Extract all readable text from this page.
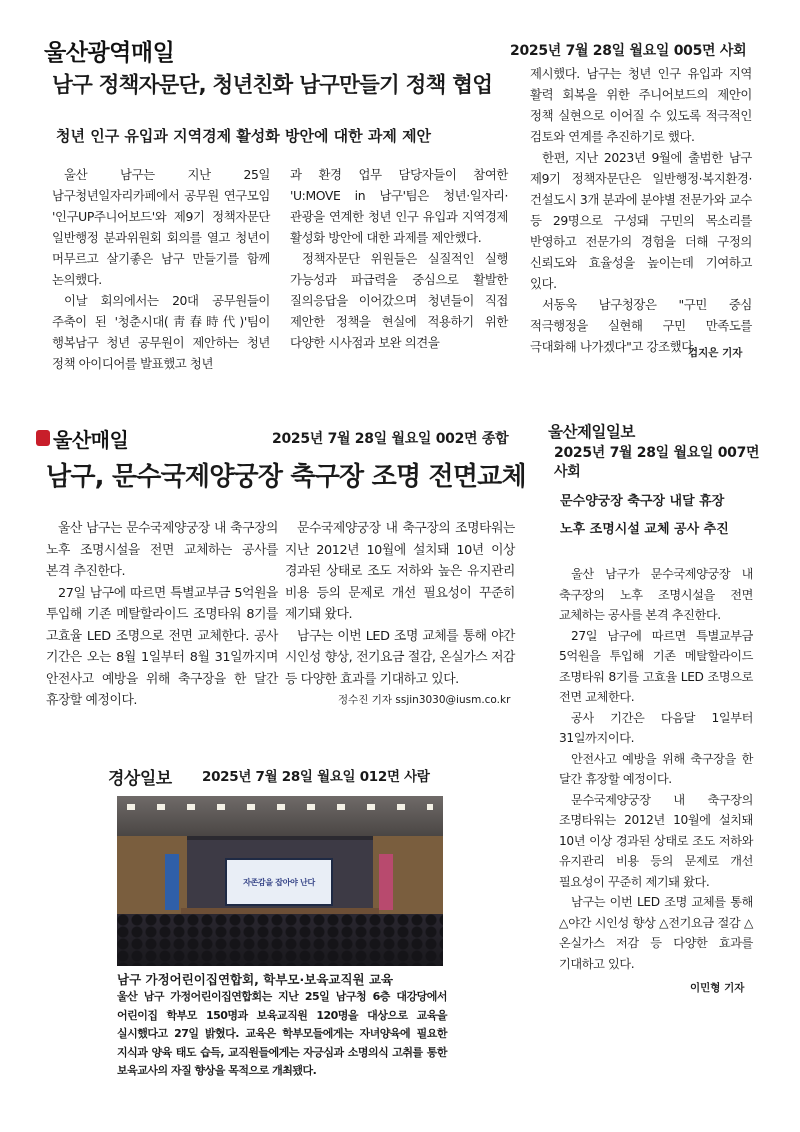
울산광역매일	2025년 7월 28일 월요일 005면 사회
남구 정책자문단, 청년친화 남구만들기 정책 협업
청년 인구 유입과 지역경제 활성화 방안에 대한 과제 제안

울산 남구는 지난 25일 남구청년일자리카페에서 공무원 연구모임 '인구UP주니어보드'와 제9기 정책자문단 일반행정 분과위원회 회의를 열고 청년이 머무르고 살기좋은 남구 만들기를 함께 논의했다.

이날 회의에서는 20대 공무원들이 주축이 된 '청춘시대(靑春時代)'팀이 행복남구 청년 공무원이 제안하는 청년 정책 아이디어를 발표했고 청년

과 환경 업무 담당자들이 참여한 'U:MOVE in 남구'팀은 청년·일자리·관광을 연계한 청년 인구 유입과 지역경제 활성화 방안에 대한 과제를 제안했다.

정책자문단 위원들은 실질적인 실행 가능성과 파급력을 중심으로 활발한 질의응답을 이어갔으며 청년들이 직접 제안한 정책을 현실에 적용하기 위한 다양한 시사점과 보완 의견을

제시했다. 남구는 청년 인구 유입과 지역 활력 회복을 위한 주니어보드의 제안이 정책 실현으로 이어질 수 있도록 적극적인 검토와 연계를 추진하기로 했다.

한편, 지난 2023년 9월에 출범한 남구 제9기 정책자문단은 일반행정·복지환경·건설도시 3개 분과에 분야별 전문가와 교수 등 29명으로 구성돼 구민의 목소리를 반영하고 전문가의 경험을 더해 구정의 신뢰도와 효율성을 높이는데 기여하고 있다.

서동욱 남구청장은 "구민 중심 적극행정을 실현해 구민 만족도를 극대화해 나가겠다"고 강조했다.

김지은 기자
울산매일	2025년 7월 28일 월요일 002면 종합
남구, 문수국제양궁장 축구장 조명 전면교체

울산 남구는 문수국제양궁장 내 축구장의 노후 조명시설을 전면 교체하는 공사를 본격 추진한다.

27일 남구에 따르면 특별교부금 5억원을 투입해 기존 메탈할라이드 조명타워 8기를 고효율 LED 조명으로 전면 교체한다. 공사 기간은 오는 8월 1일부터 8월 31일까지며 안전사고 예방을 위해 축구장을 한 달간 휴장할 예정이다.

문수국제양궁장 내 축구장의 조명타워는 지난 2012년 10월에 설치돼 10년 이상 경과된 상태로 조도 저하와 높은 유지관리 비용 등의 문제로 개선 필요성이 꾸준히 제기돼 왔다.

남구는 이번 LED 조명 교체를 통해 야간 시인성 향상, 전기요금 절감, 온실가스 저감 등 다양한 효과를 기대하고 있다.

정수진 기자 ssjin3030@iusm.co.kr
울산제일일보
2025년 7월 28일 월요일 007면 사회
문수양궁장 축구장 내달 휴장
노후 조명시설 교체 공사 추진

울산 남구가 문수국제양궁장 내 축구장의 노후 조명시설을 전면 교체하는 공사를 본격 추진한다.

27일 남구에 따르면 특별교부금 5억원을 투입해 기존 메탈할라이드 조명타워 8기를 고효율 LED 조명으로 전면 교체한다.

공사 기간은 다음달 1일부터 31일까지이다.

안전사고 예방을 위해 축구장을 한 달간 휴장할 예정이다.

문수국제양궁장 내 축구장의 조명타워는 2012년 10월에 설치돼 10년 이상 경과된 상태로 조도 저하와 유지관리 비용 등의 문제로 개선 필요성이 꾸준히 제기돼 왔다.

남구는 이번 LED 조명 교체를 통해 △야간 시인성 향상 △전기요금 절감 △온실가스 저감 등 다양한 효과를 기대하고 있다.

이민형 기자
경상일보 2025년 7월 28일 월요일 012면 사람
자존감을 잡아야 난다
남구 가정어린이집연합회, 학부모·보육교직원 교육
울산 남구 가정어린이집연합회는 지난 25일 남구청 6층 대강당에서 어린이집 학부모 150명과 보육교직원 120명을 대상으로 교육을 실시했다고 27일 밝혔다. 교육은 학부모들에게는 자녀양육에 필요한 지식과 양육 태도 습득, 교직원들에게는 자긍심과 소명의식 고취를 통한 보육교사의 자질 향상을 목적으로 개최됐다.
